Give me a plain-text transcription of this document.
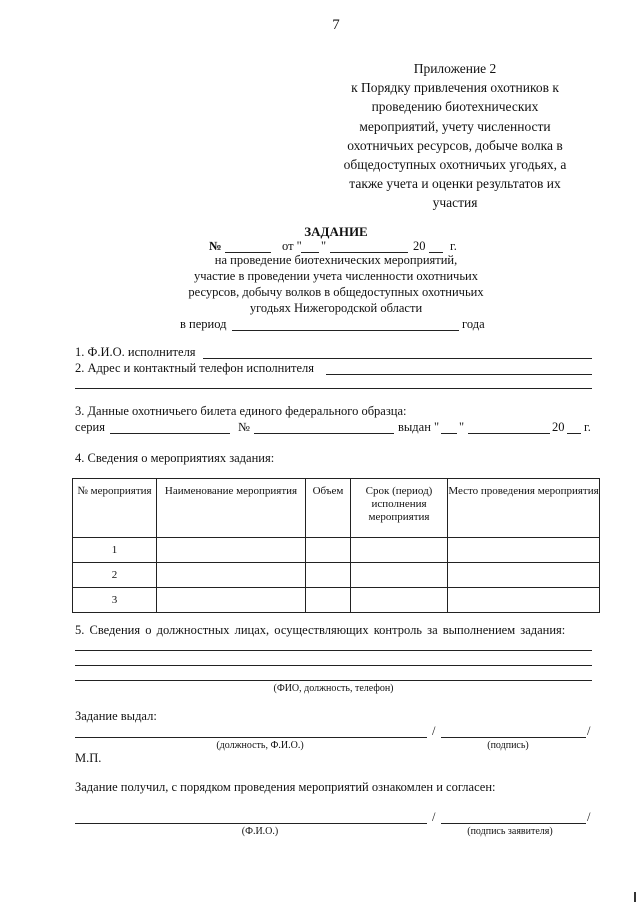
7
Приложение 2
к Порядку привлечения охотников к
проведению биотехнических
мероприятий, учету численности
охотничьих ресурсов, добыче волка в
общедоступных охотничьих угодьях, а
также учета и оценки результатов их
участия
ЗАДАНИЕ
№	от " "	20 г.
на проведение биотехнических мероприятий,
участие в проведении учета численности охотничьих
ресурсов, добычу волков в общедоступных охотничьих
угодьях Нижегородской области
в период	года
1. Ф.И.О. исполнителя
2. Адрес и контактный телефон исполнителя
3. Данные охотничьего билета единого федерального образца:
серия	№	выдан " "	20 г.
4. Сведения о мероприятиях задания:
№ мероприятия	Наименование мероприятия	Объем	Срок (период) исполнения мероприятия	Место проведения мероприятия
1				
2				
3				
5. Сведения о должностных лицах, осуществляющих контроль за выполнением задания:
(ФИО, должность, телефон)
Задание выдал:
/	/
(должность, Ф.И.О.)	(подпись)
М.П.
Задание получил, с порядком проведения мероприятий ознакомлен и согласен:
/	/
(Ф.И.О.)	(подпись заявителя)
